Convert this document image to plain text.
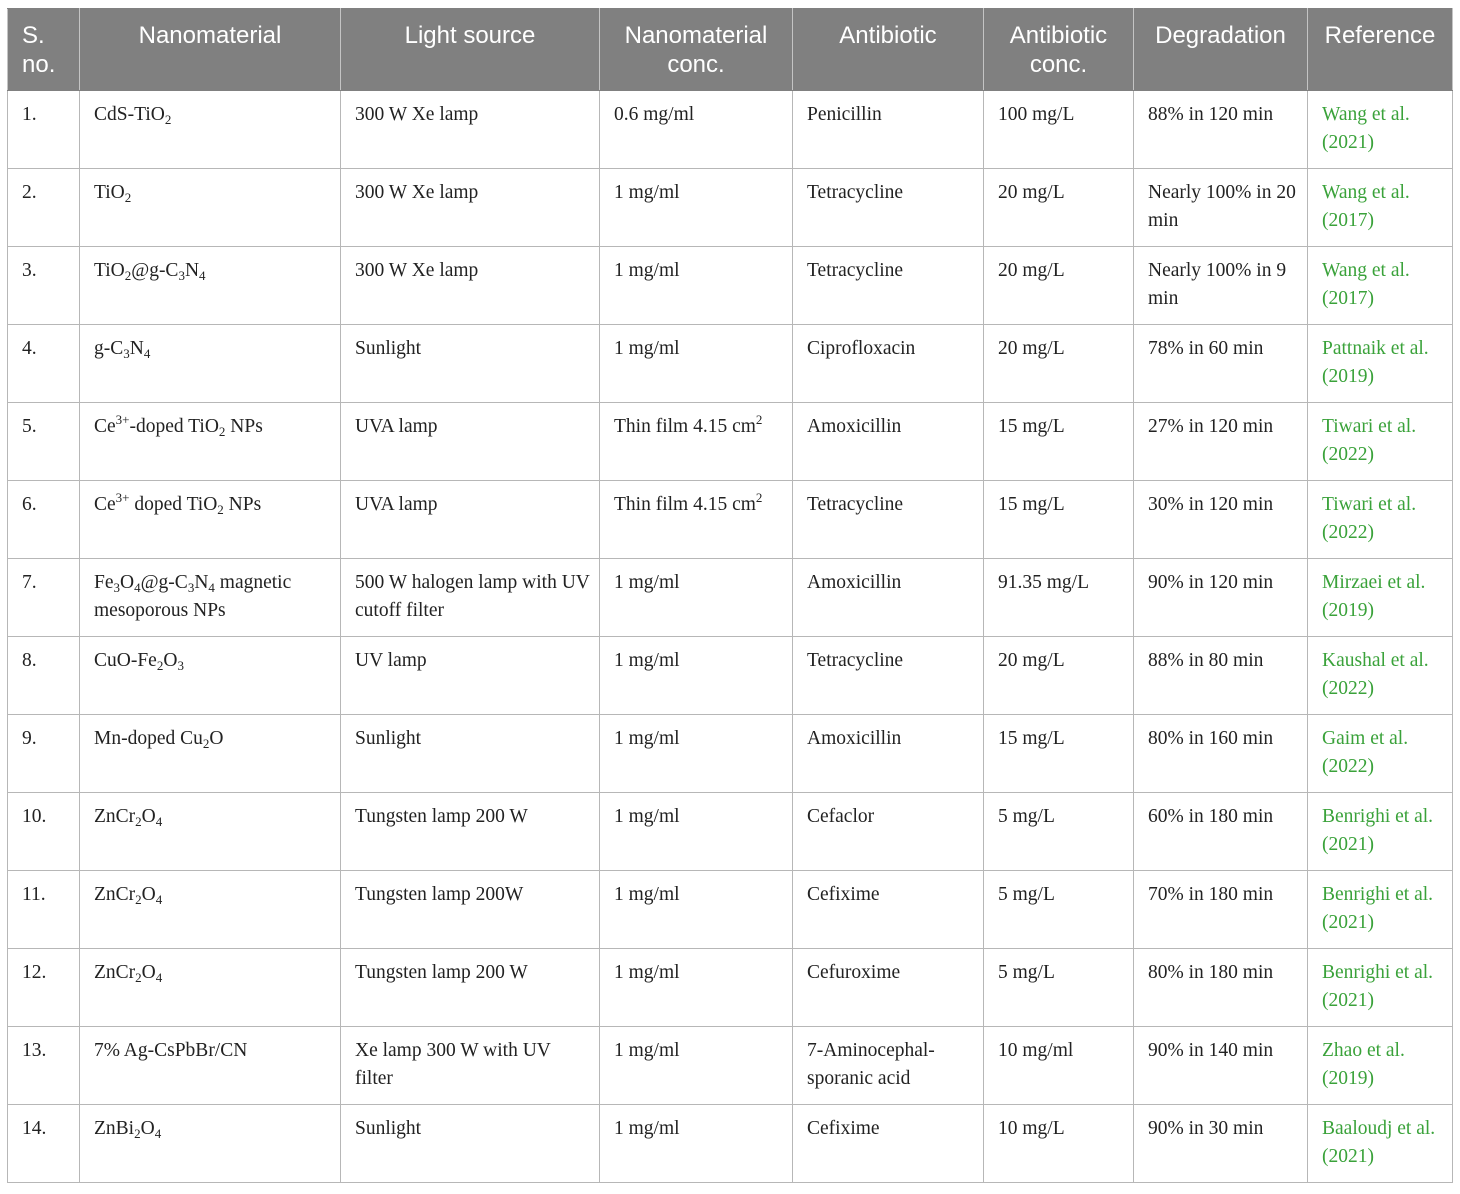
S. no.	Nanomaterial	Light source	Nanomaterial conc.	Antibiotic	Antibiotic conc.	Degradation	Reference
1.	CdS-TiO$_2$	300 W Xe lamp	0.6 mg/ml	Penicillin	100 mg/L	88% in 120 min	Wang et al. (2021)
2.	TiO$_2$	300 W Xe lamp	1 mg/ml	Tetracycline	20 mg/L	Nearly 100% in 20 min	Wang et al. (2017)
3.	$TiO_2@g-C_3N_4$	300 W Xe lamp	1 mg/ml	Tetracycline	20 mg/L	Nearly 100% in 9 min	Wang et al. (2017)
4.	$g-C_3N_4$	Sunlight	1 mg/ml	Ciprofloxacin	20 mg/L	78% in 60 min	Pattnaik et al. (2019)
5.	$Ce^{3+}$-doped TiO$_2$ NPs	UVA lamp	Thin film 4.15 $cm^2$	Amoxicillin	15 mg/L	27% in 120 min	Tiwari et al. (2022)
6.	$Ce^{3+}$ doped TiO$_2$ NPs	UVA lamp	Thin film 4.15 $cm^2$	Tetracycline	15 mg/L	30% in 120 min	Tiwari et al. (2022)
7.	$Fe_3O_4@g-C_3N_4$ magnetic mesoporous NPs	500 W halogen lamp with UV cutoff filter	1 mg/ml	Amoxicillin	91.35 mg/L	90% in 120 min	Mirzaei et al. (2019)
8.	CuO-$Fe_2O_3$	UV lamp	1 mg/ml	Tetracycline	20 mg/L	88% in 80 min	Kaushal et al. (2022)
9.	Mn-doped $Cu_2O$	Sunlight	1 mg/ml	Amoxicillin	15 mg/L	80% in 160 min	Gaim et al. (2022)
10.	$ZnCr_2O_4$	Tungsten lamp 200 W	1 mg/ml	Cefaclor	5 mg/L	60% in 180 min	Benrighi et al. (2021)
11.	$ZnCr_2O_4$	Tungsten lamp 200W	1 mg/ml	Cefixime	5 mg/L	70% in 180 min	Benrighi et al. (2021)
12.	$ZnCr_2O_4$	Tungsten lamp 200 W	1 mg/ml	Cefuroxime	5 mg/L	80% in 180 min	Benrighi et al. (2021)
13.	7% Ag-CsPbBr/CN	Xe lamp 300 W with UV filter	1 mg/ml	7-Aminocephal-sporanic acid	10 mg/ml	90% in 140 min	Zhao et al. (2019)
14.	$ZnBi_2O_4$	Sunlight	1 mg/ml	Cefixime	10 mg/L	90% in 30 min	Baaloudj et al. (2021)
